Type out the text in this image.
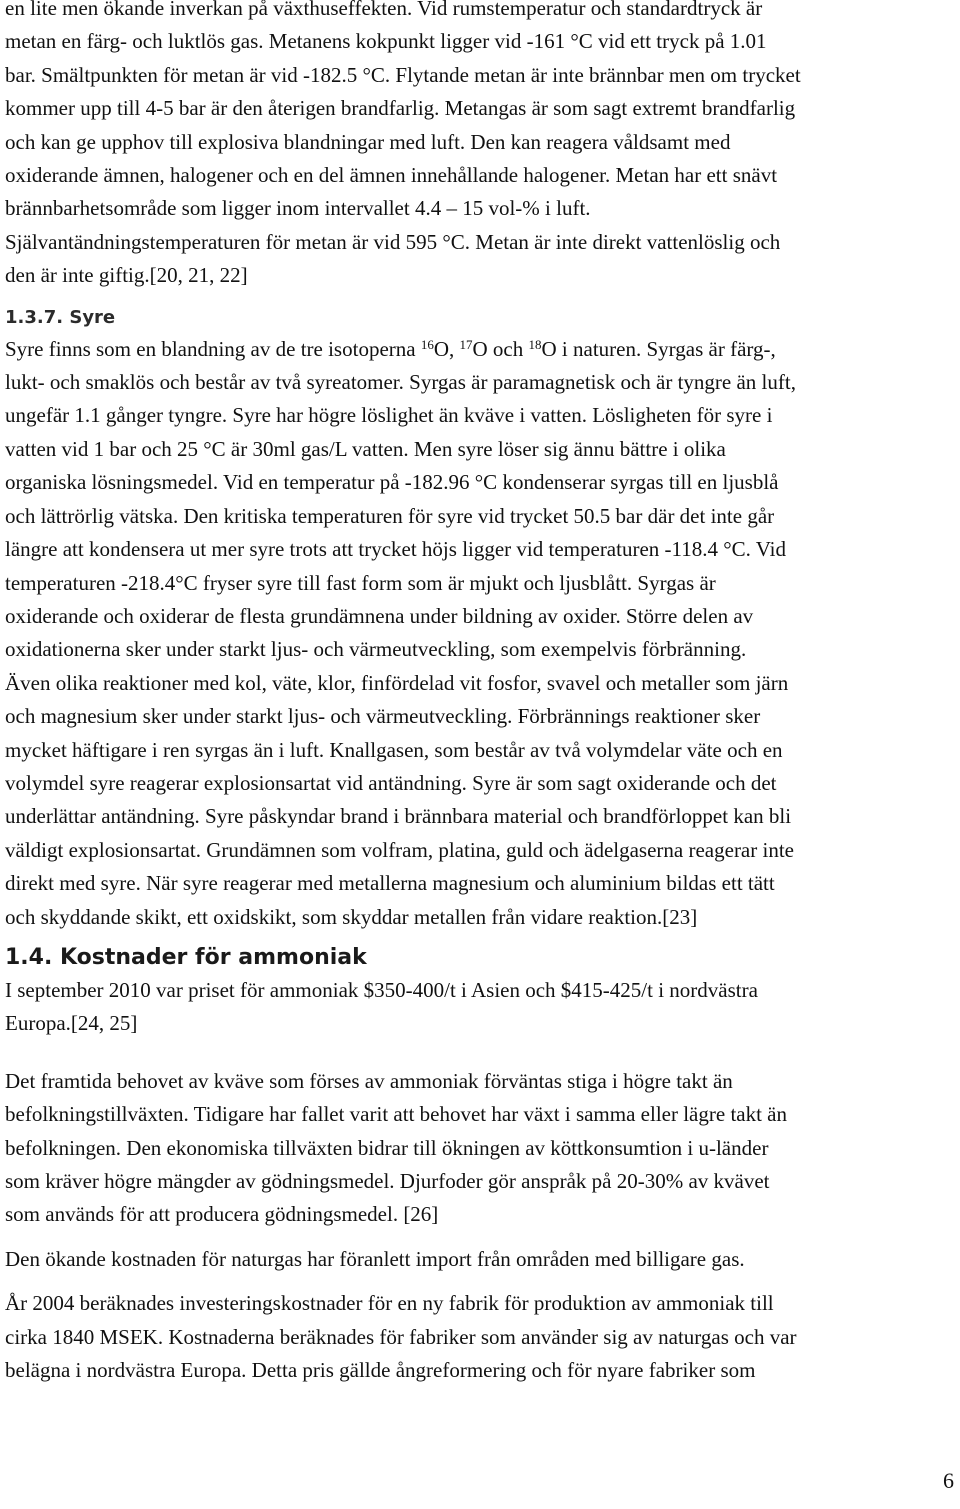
en lite men ökande inverkan på växthuseffekten. Vid rumstemperatur och standardtryck är
metan en färg- och luktlös gas. Metanens kokpunkt ligger vid -161 °C vid ett tryck på 1.01
bar. Smältpunkten för metan är vid -182.5 °C. Flytande metan är inte brännbar men om trycket
kommer upp till 4-5 bar är den återigen brandfarlig. Metangas är som sagt extremt brandfarlig
och kan ge upphov till explosiva blandningar med luft. Den kan reagera våldsamt med
oxiderande ämnen, halogener och en del ämnen innehållande halogener. Metan har ett snävt
brännbarhetsområde som ligger inom intervallet 4.4 – 15 vol-% i luft.
Självantändningstemperaturen för metan är vid 595 °C. Metan är inte direkt vattenlöslig och
den är inte giftig.[20, 21, 22]
1.3.7. Syre
Syre finns som en blandning av de tre isotoperna $^{16}$O, $^{17}$O och $^{18}$O i naturen. Syrgas är färg-,
lukt- och smaklös och består av två syreatomer. Syrgas är paramagnetisk och är tyngre än luft,
ungefär 1.1 gånger tyngre. Syre har högre löslighet än kväve i vatten. Lösligheten för syre i
vatten vid 1 bar och 25 °C är 30ml gas/L vatten. Men syre löser sig ännu bättre i olika
organiska lösningsmedel. Vid en temperatur på -182.96 °C kondenserar syrgas till en ljusblå
och lättrörlig vätska. Den kritiska temperaturen för syre vid trycket 50.5 bar där det inte går
längre att kondensera ut mer syre trots att trycket höjs ligger vid temperaturen -118.4 °C. Vid
temperaturen -218.4°C fryser syre till fast form som är mjukt och ljusblått. Syrgas är
oxiderande och oxiderar de flesta grundämnena under bildning av oxider. Större delen av
oxidationerna sker under starkt ljus- och värmeutveckling, som exempelvis förbränning.
Även olika reaktioner med kol, väte, klor, finfördelad vit fosfor, svavel och metaller som järn
och magnesium sker under starkt ljus- och värmeutveckling. Förbrännings reaktioner sker
mycket häftigare i ren syrgas än i luft. Knallgasen, som består av två volymdelar väte och en
volymdel syre reagerar explosionsartat vid antändning. Syre är som sagt oxiderande och det
underlättar antändning. Syre påskyndar brand i brännbara material och brandförloppet kan bli
väldigt explosionsartat. Grundämnen som volfram, platina, guld och ädelgaserna reagerar inte
direkt med syre. När syre reagerar med metallerna magnesium och aluminium bildas ett tätt
och skyddande skikt, ett oxidskikt, som skyddar metallen från vidare reaktion.[23]
1.4. Kostnader för ammoniak
I september 2010 var priset för ammoniak $350-400/t i Asien och $415-425/t i nordvästra
Europa.[24, 25]
Det framtida behovet av kväve som förses av ammoniak förväntas stiga i högre takt än
befolkningstillväxten. Tidigare har fallet varit att behovet har växt i samma eller lägre takt än
befolkningen. Den ekonomiska tillväxten bidrar till ökningen av köttkonsumtion i u-länder
som kräver högre mängder av gödningsmedel. Djurfoder gör anspråk på 20-30% av kvävet
som används för att producera gödningsmedel. [26]
Den ökande kostnaden för naturgas har föranlett import från områden med billigare gas.
År 2004 beräknades investeringskostnader för en ny fabrik för produktion av ammoniak till
cirka 1840 MSEK. Kostnaderna beräknades för fabriker som använder sig av naturgas och var
belägna i nordvästra Europa. Detta pris gällde ångreformering och för nyare fabriker som
6
